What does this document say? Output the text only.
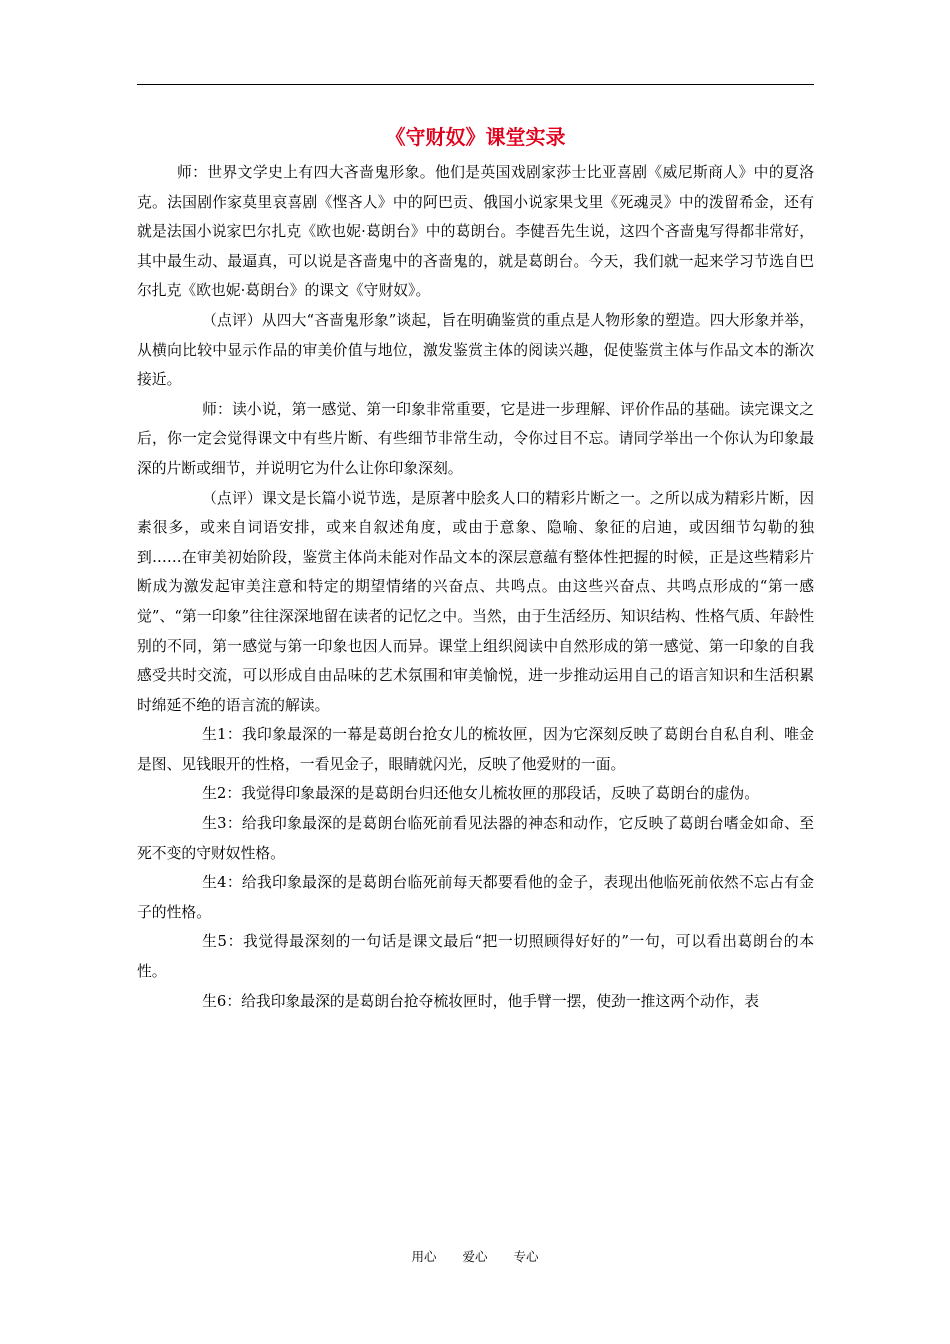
《守财奴》课堂实录

师：世界文学史上有四大吝啬鬼形象。他们是英国戏剧家莎士比亚喜剧《威尼斯商人》中的夏洛克。法国剧作家莫里哀喜剧《悭吝人》中的阿巴贡、俄国小说家果戈里《死魂灵》中的泼留希金，还有就是法国小说家巴尔扎克《欧也妮·葛朗台》中的葛朗台。李健吾先生说，这四个吝啬鬼写得都非常好，其中最生动、最逼真，可以说是吝啬鬼中的吝啬鬼的，就是葛朗台。今天，我们就一起来学习节选自巴尔扎克《欧也妮·葛朗台》的课文《守财奴》。

（点评）从四大“吝啬鬼形象”谈起，旨在明确鉴赏的重点是人物形象的塑造。四大形象并举，从横向比较中显示作品的审美价值与地位，激发鉴赏主体的阅读兴趣，促使鉴赏主体与作品文本的渐次接近。

师：读小说，第一感觉、第一印象非常重要，它是进一步理解、评价作品的基础。读完课文之后，你一定会觉得课文中有些片断、有些细节非常生动，令你过目不忘。请同学举出一个你认为印象最深的片断或细节，并说明它为什么让你印象深刻。

（点评）课文是长篇小说节选，是原著中脍炙人口的精彩片断之一。之所以成为精彩片断，因素很多，或来自词语安排，或来自叙述角度，或由于意象、隐喻、象征的启迪，或因细节勾勒的独到……在审美初始阶段，鉴赏主体尚未能对作品文本的深层意蕴有整体性把握的时候，正是这些精彩片断成为激发起审美注意和特定的期望情绪的兴奋点、共鸣点。由这些兴奋点、共鸣点形成的“第一感觉”、“第一印象”往往深深地留在读者的记忆之中。当然，由于生活经历、知识结构、性格气质、年龄性别的不同，第一感觉与第一印象也因人而异。课堂上组织阅读中自然形成的第一感觉、第一印象的自我感受共时交流，可以形成自由品味的艺术氛围和审美愉悦，进一步推动运用自己的语言知识和生活积累时绵延不绝的语言流的解读。

生1：我印象最深的一幕是葛朗台抢女儿的梳妆匣，因为它深刻反映了葛朗台自私自利、唯金是图、见钱眼开的性格，一看见金子，眼睛就闪光，反映了他爱财的一面。

生2：我觉得印象最深的是葛朗台归还他女儿梳妆匣的那段话，反映了葛朗台的虚伪。

生3：给我印象最深的是葛朗台临死前看见法器的神态和动作，它反映了葛朗台嗜金如命、至死不变的守财奴性格。

生4：给我印象最深的是葛朗台临死前每天都要看他的金子，表现出他临死前依然不忘占有金子的性格。

生5：我觉得最深刻的一句话是课文最后“把一切照顾得好好的”一句，可以看出葛朗台的本性。

生6：给我印象最深的是葛朗台抢夺梳妆匣时，他手臂一摆，使劲一推这两个动作，表

用心 爱心 专心
